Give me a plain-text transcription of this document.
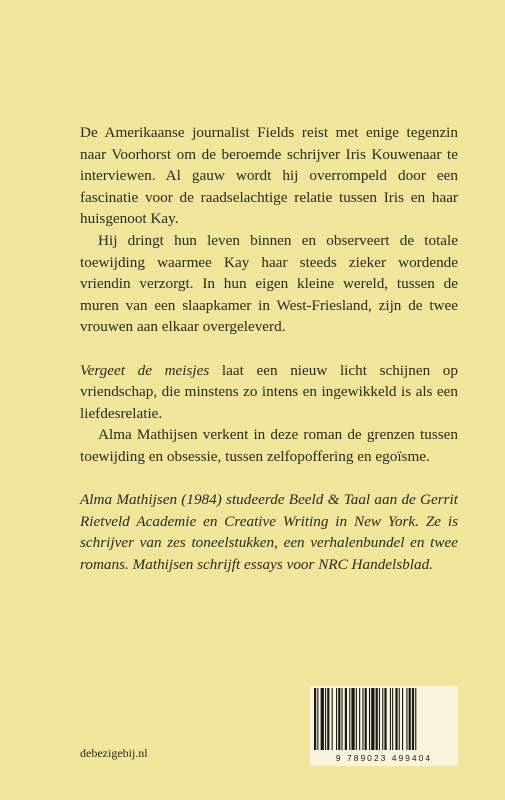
De Amerikaanse journalist Fields reist met enige tegenzin naar Voorhorst om de beroemde schrijver Iris Kouwenaar te interviewen. Al gauw wordt hij overrompeld door een fascinatie voor de raadselachtige relatie tussen Iris en haar huisgenoot Kay.

Hij dringt hun leven binnen en observeert de totale toewijding waarmee Kay haar steeds zieker wordende vriendin verzorgt. In hun eigen kleine wereld, tussen de muren van een slaapkamer in West-Friesland, zijn de twee vrouwen aan elkaar overgeleverd.

Vergeet de meisjes laat een nieuw licht schijnen op vriendschap, die minstens zo intens en ingewikkeld is als een liefdesrelatie.

Alma Mathijsen verkent in deze roman de grenzen tussen toewijding en obsessie, tussen zelfopoffering en egoïsme.

Alma Mathijsen (1984) studeerde Beeld & Taal aan de Gerrit Rietveld Academie en Creative Writing in New York. Ze is schrijver van zes toneelstukken, een verhalenbundel en twee romans. Mathijsen schrijft essays voor NRC Handelsblad.

debezigebij.nl	9 789023 499404
